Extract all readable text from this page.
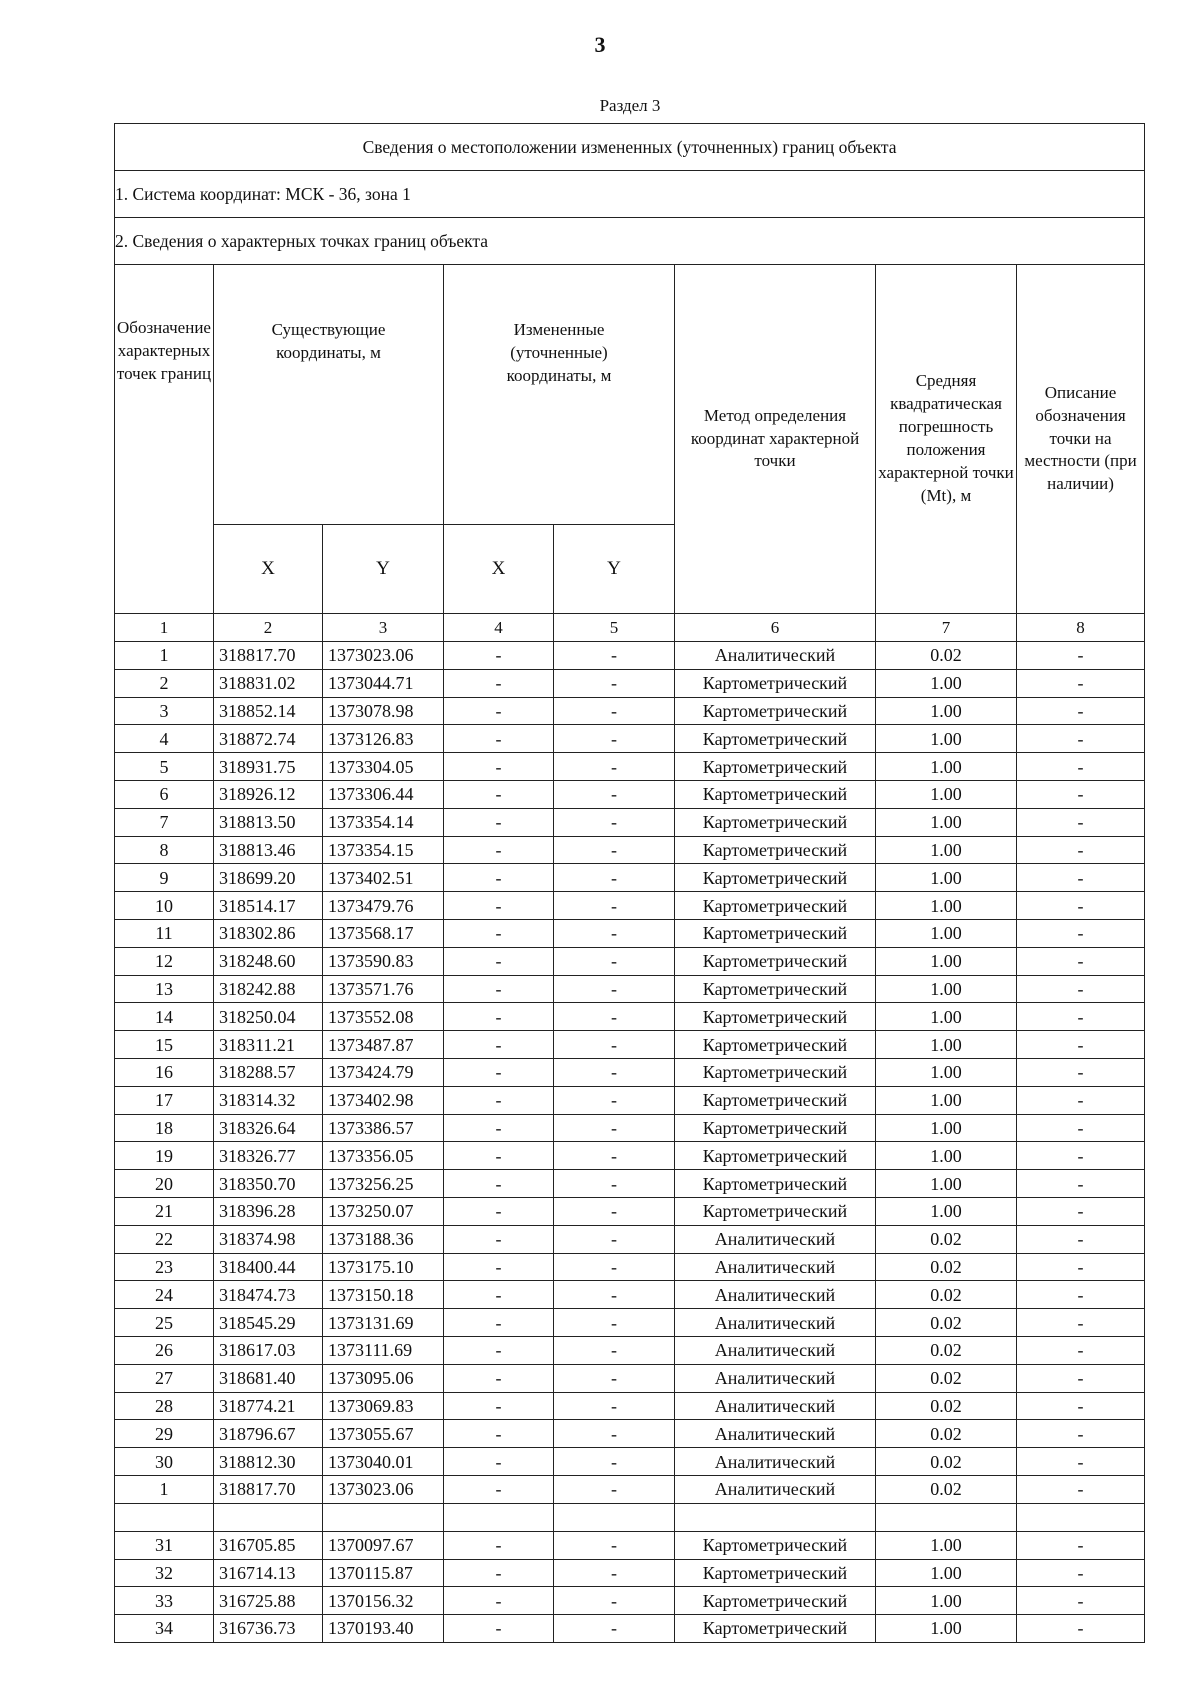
3
Раздел 3
Сведения о местоположении измененных (уточненных) границ объекта							
1. Система координат: МСК - 36, зона 1							
2. Сведения о характерных точках границ объекта							
Обозначение характерных точек границ	Существующие координаты, м		Измененные (уточненные) координаты, м		Метод определения координат характерной точки	Средняя квадратическая погрешность положения характерной точки (Mt), м	Описание обозначения точки на местности (при наличии)
	X	Y	X	Y			
1	2	3	4	5	6	7	8
1	318817.70	1373023.06	-	-	Аналитический	0.02	-
2	318831.02	1373044.71	-	-	Картометрический	1.00	-
3	318852.14	1373078.98	-	-	Картометрический	1.00	-
4	318872.74	1373126.83	-	-	Картометрический	1.00	-
5	318931.75	1373304.05	-	-	Картометрический	1.00	-
6	318926.12	1373306.44	-	-	Картометрический	1.00	-
7	318813.50	1373354.14	-	-	Картометрический	1.00	-
8	318813.46	1373354.15	-	-	Картометрический	1.00	-
9	318699.20	1373402.51	-	-	Картометрический	1.00	-
10	318514.17	1373479.76	-	-	Картометрический	1.00	-
11	318302.86	1373568.17	-	-	Картометрический	1.00	-
12	318248.60	1373590.83	-	-	Картометрический	1.00	-
13	318242.88	1373571.76	-	-	Картометрический	1.00	-
14	318250.04	1373552.08	-	-	Картометрический	1.00	-
15	318311.21	1373487.87	-	-	Картометрический	1.00	-
16	318288.57	1373424.79	-	-	Картометрический	1.00	-
17	318314.32	1373402.98	-	-	Картометрический	1.00	-
18	318326.64	1373386.57	-	-	Картометрический	1.00	-
19	318326.77	1373356.05	-	-	Картометрический	1.00	-
20	318350.70	1373256.25	-	-	Картометрический	1.00	-
21	318396.28	1373250.07	-	-	Картометрический	1.00	-
22	318374.98	1373188.36	-	-	Аналитический	0.02	-
23	318400.44	1373175.10	-	-	Аналитический	0.02	-
24	318474.73	1373150.18	-	-	Аналитический	0.02	-
25	318545.29	1373131.69	-	-	Аналитический	0.02	-
26	318617.03	1373111.69	-	-	Аналитический	0.02	-
27	318681.40	1373095.06	-	-	Аналитический	0.02	-
28	318774.21	1373069.83	-	-	Аналитический	0.02	-
29	318796.67	1373055.67	-	-	Аналитический	0.02	-
30	318812.30	1373040.01	-	-	Аналитический	0.02	-
1	318817.70	1373023.06	-	-	Аналитический	0.02	-

31	316705.85	1370097.67	-	-	Картометрический	1.00	-
32	316714.13	1370115.87	-	-	Картометрический	1.00	-
33	316725.88	1370156.32	-	-	Картометрический	1.00	-
34	316736.73	1370193.40	-	-	Картометрический	1.00	-
